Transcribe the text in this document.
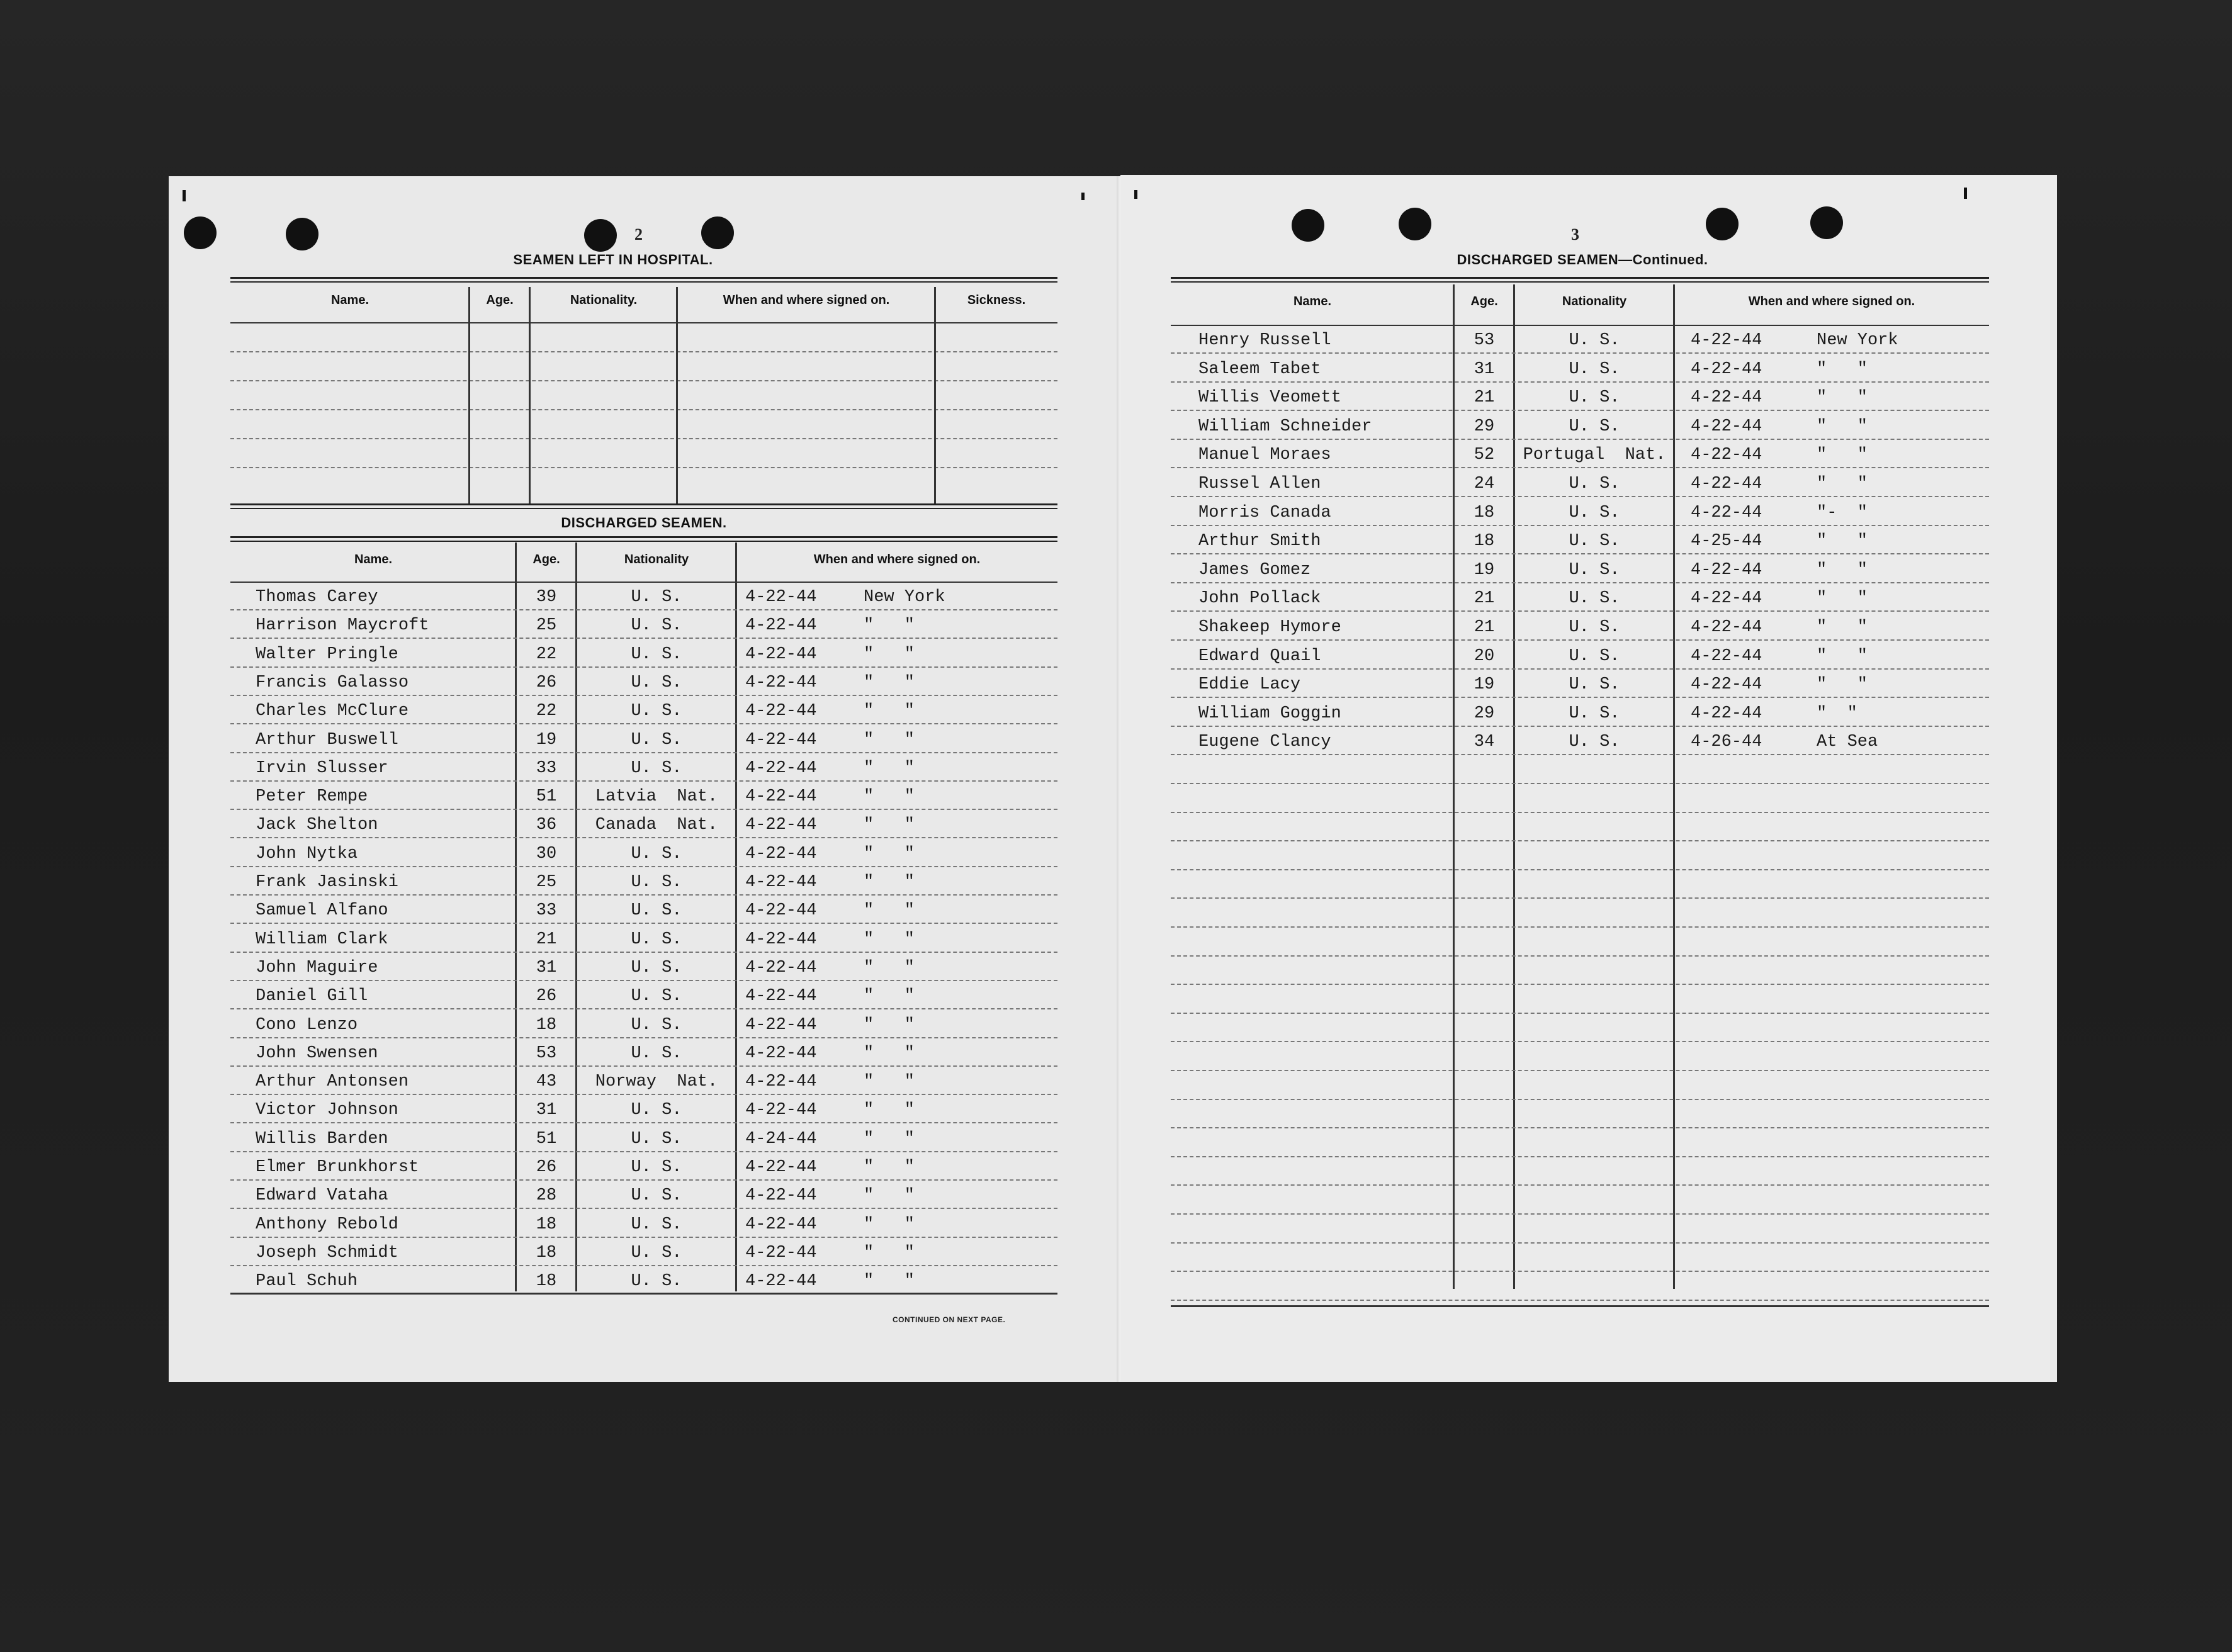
2
SEAMEN LEFT IN HOSPITAL.
Name.	Age.	Nationality.	When and where signed on.	Sickness.
DISCHARGED SEAMEN.
Name.	Age.	Nationality	When and where signed on.
Thomas Carey	39	U. S.	4-22-44	New York
Harrison Maycroft	25	U. S.	4-22-44	"   "
Walter Pringle	22	U. S.	4-22-44	"   "
Francis Galasso	26	U. S.	4-22-44	"   "
Charles McClure	22	U. S.	4-22-44	"   "
Arthur Buswell	19	U. S.	4-22-44	"   "
Irvin Slusser	33	U. S.	4-22-44	"   "
Peter Rempe	51	Latvia  Nat.	4-22-44	"   "
Jack Shelton	36	Canada  Nat.	4-22-44	"   "
John Nytka	30	U. S.	4-22-44	"   "
Frank Jasinski	25	U. S.	4-22-44	"   "
Samuel Alfano	33	U. S.	4-22-44	"   "
William Clark	21	U. S.	4-22-44	"   "
John Maguire	31	U. S.	4-22-44	"   "
Daniel Gill	26	U. S.	4-22-44	"   "
Cono Lenzo	18	U. S.	4-22-44	"   "
John Swensen	53	U. S.	4-22-44	"   "
Arthur Antonsen	43	Norway  Nat.	4-22-44	"   "
Victor Johnson	31	U. S.	4-22-44	"   "
Willis Barden	51	U. S.	4-24-44	"   "
Elmer Brunkhorst	26	U. S.	4-22-44	"   "
Edward Vataha	28	U. S.	4-22-44	"   "
Anthony Rebold	18	U. S.	4-22-44	"   "
Joseph Schmidt	18	U. S.	4-22-44	"   "
Paul Schuh	18	U. S.	4-22-44	"   "
CONTINUED ON NEXT PAGE.
3
DISCHARGED SEAMEN—Continued.
Name.	Age.	Nationality	When and where signed on.
Henry Russell	53	U. S.	4-22-44	New York
Saleem Tabet	31	U. S.	4-22-44	"   "
Willis Veomett	21	U. S.	4-22-44	"   "
William Schneider	29	U. S.	4-22-44	"   "
Manuel Moraes	52	Portugal  Nat.	4-22-44	"   "
Russel Allen	24	U. S.	4-22-44	"   "
Morris Canada	18	U. S.	4-22-44	"-  "
Arthur Smith	18	U. S.	4-25-44	"   "
James Gomez	19	U. S.	4-22-44	"   "
John Pollack	21	U. S.	4-22-44	"   "
Shakeep Hymore	21	U. S.	4-22-44	"   "
Edward Quail	20	U. S.	4-22-44	"   "
Eddie Lacy	19	U. S.	4-22-44	"   "
William Goggin	29	U. S.	4-22-44	"  "
Eugene Clancy	34	U. S.	4-26-44	At Sea
